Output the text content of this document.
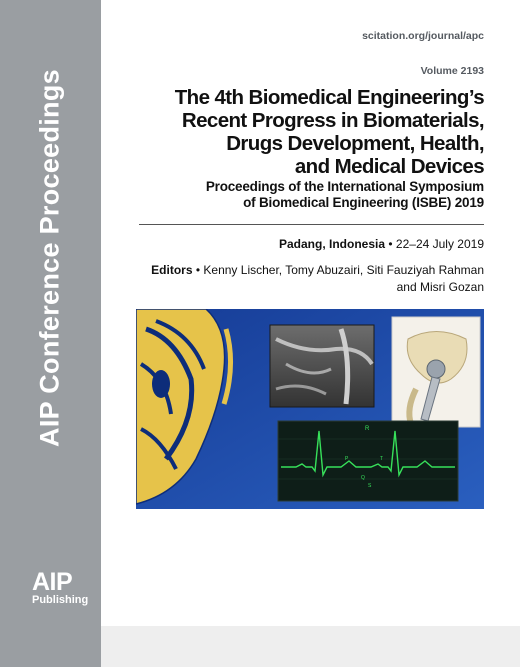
AIP Conference Proceedings
AIP
Publishing
scitation.org/journal/apc
Volume 2193
The 4th Biomedical Engineering’s
Recent Progress in Biomaterials,
Drugs Development, Health,
and Medical Devices
Proceedings of the International Symposium
of Biomedical Engineering (ISBE) 2019
Padang, Indonesia • 22–24 July 2019
Editors • Kenny Lischer, Tomy Abuzairi, Siti Fauziyah Rahman
and Misri Gozan
R
P	T
Q
S
